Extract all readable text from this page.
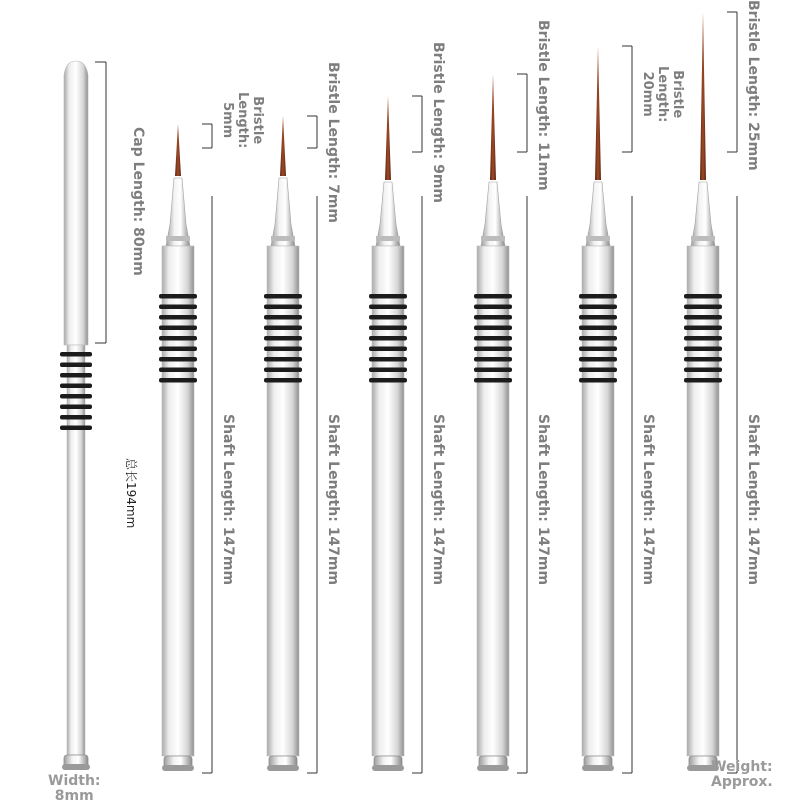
Cap Length: 80mm
总长194mm
Width:
8mm
Weight:
Approx.
Bristle
Length:
5mm
Shaft Length: 147mm
Bristle Length: 7mm
Shaft Length: 147mm
Bristle Length: 9mm
Shaft Length: 147mm
Bristle Length: 11mm
Shaft Length: 147mm
Bristle
Length:
20mm
Shaft Length: 147mm
Bristle Length: 25mm
Shaft Length: 147mm
